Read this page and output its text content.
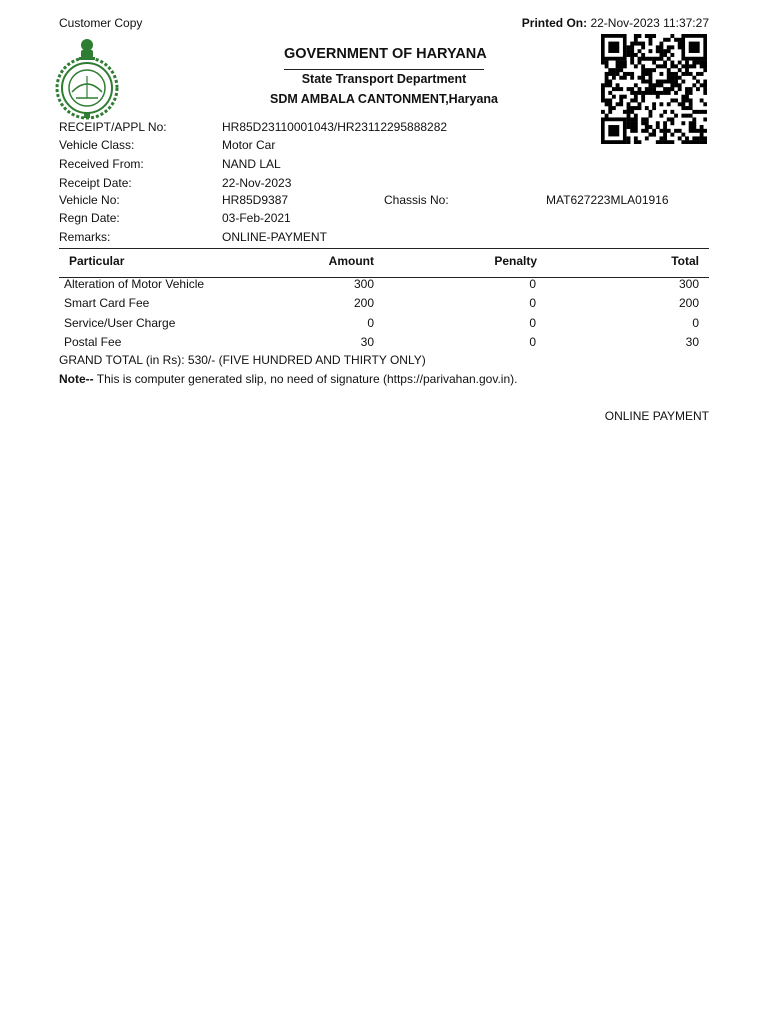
Customer Copy	Printed On: 22-Nov-2023 11:37:27
GOVERNMENT OF HARYANA
State Transport Department
SDM AMBALA CANTONMENT,Haryana
RECEIPT/APPL No:	HR85D23110001043/HR23112295888282
Vehicle Class:	Motor Car
Received From:	NAND LAL
Receipt Date:	22-Nov-2023
Vehicle No:	HR85D9387	Chassis No:	MAT627223MLA01916
Regn Date:	03-Feb-2021
Remarks:	ONLINE-PAYMENT
Particular	Amount	Penalty	Total
Alteration of Motor Vehicle	300	0	300
Smart Card Fee	200	0	200
Service/User Charge	0	0	0
Postal Fee	30	0	30
GRAND TOTAL (in Rs): 530/- (FIVE HUNDRED AND THIRTY ONLY)
Note-- This is computer generated slip, no need of signature (https://parivahan.gov.in).
ONLINE PAYMENT
